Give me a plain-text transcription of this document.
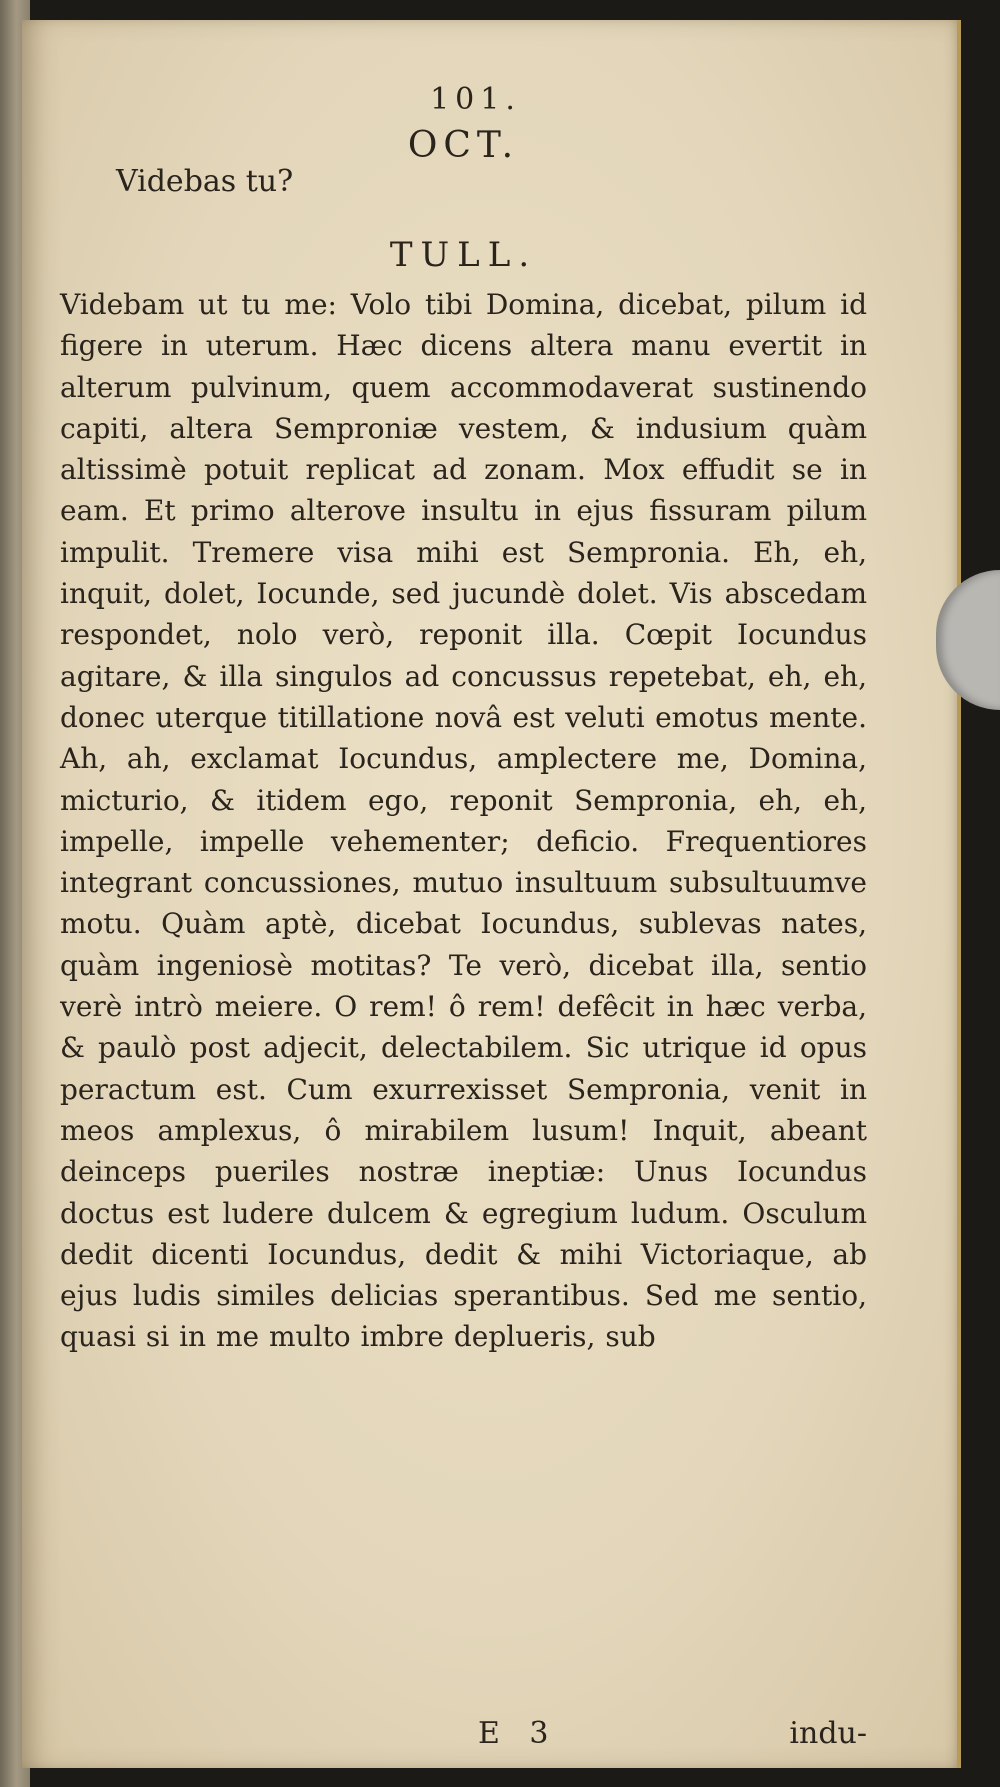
101.
OCT.
Videbas tu?
TULL.
Videbam ut tu me: Volo tibi Domina, dicebat, pilum id figere in uterum. Hæc dicens altera manu evertit in alterum pulvinum, quem accommodaverat sustinendo capiti, altera Semproniæ vestem, & indusium quàm altissimè potuit replicat ad zonam. Mox effudit se in eam. Et primo alterove insultu in ejus fissuram pilum impulit. Tremere visa mihi est Sempronia. Eh, eh, inquit, dolet, Iocunde, sed jucundè dolet. Vis abscedam respondet, nolo verò, reponit illa. Cœpit Iocundus agitare, & illa singulos ad concussus repetebat, eh, eh, donec uterque titillatione novâ est veluti emotus mente. Ah, ah, exclamat Iocundus, amplectere me, Domina, micturio, & itidem ego, reponit Sempronia, eh, eh, impelle, impelle vehementer; deficio. Frequentiores integrant concussiones, mutuo insultuum subsultuumve motu. Quàm aptè, dicebat Iocundus, sublevas nates, quàm ingeniosè motitas? Te verò, dicebat illa, sentio verè intrò meiere. O rem! ô rem! defêcit in hæc verba, & paulò post adjecit, delectabilem. Sic utrique id opus peractum est. Cum exurrexisset Sempronia, venit in meos amplexus, ô mirabilem lusum! Inquit, abeant deinceps pueriles nostræ ineptiæ: Unus Iocundus doctus est ludere dulcem & egregium ludum. Osculum dedit dicenti Iocundus, dedit & mihi Victoriaque, ab ejus ludis similes delicias sperantibus. Sed me sentio, quasi si in me multo imbre deplueris, sub
E 3	indu-
